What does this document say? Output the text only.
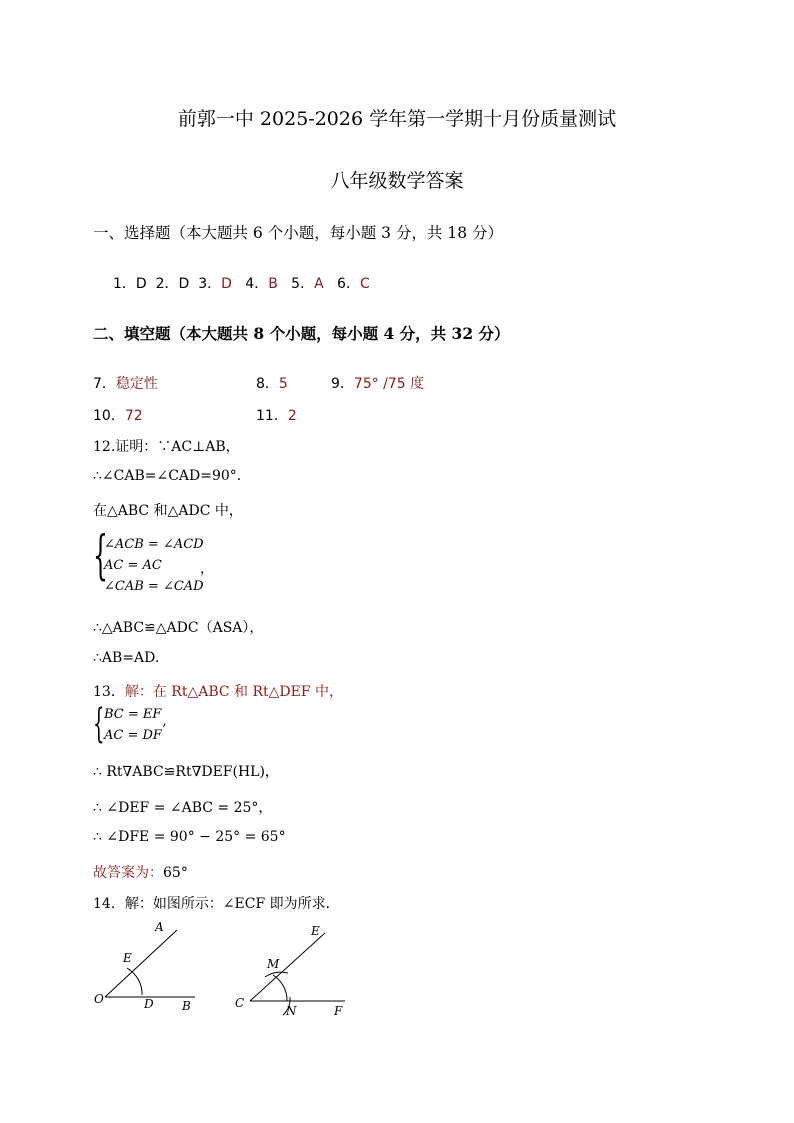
前郭一中 2025-2026 学年第一学期十月份质量测试
八年级数学答案
一、选择题（本大题共 6 个小题，每小题 3 分，共 18 分）
1．D 2．D 3．D 4．B 5．A 6．C
二、填空题（本大题共 8 个小题，每小题 4 分，共 32 分）
7．稳定性	8．5	9．75° /75 度
10．72	11．2
12.证明：∵AC⊥AB，
∴∠CAB=∠CAD=90°.
在△ABC 和△ADC 中，
{
∠ACB = ∠ACD
AC = AC	，
∠CAB = ∠CAD
∴△ABC≌△ADC（ASA），
∴AB=AD.
13．解：在 Rt△ABC 和 Rt△DEF 中，
{ BC = EF
AC = DF ’
∴ Rt∇ABC≌Rt∇DEF(HL)，
∴ ∠DEF = ∠ABC = 25°，
∴ ∠DFE = 90° − 25° = 65°
故答案为：65°
14．解：如图所示：∠ECF 即为所求．
A
E
O	D B
E
M
C
N	F
